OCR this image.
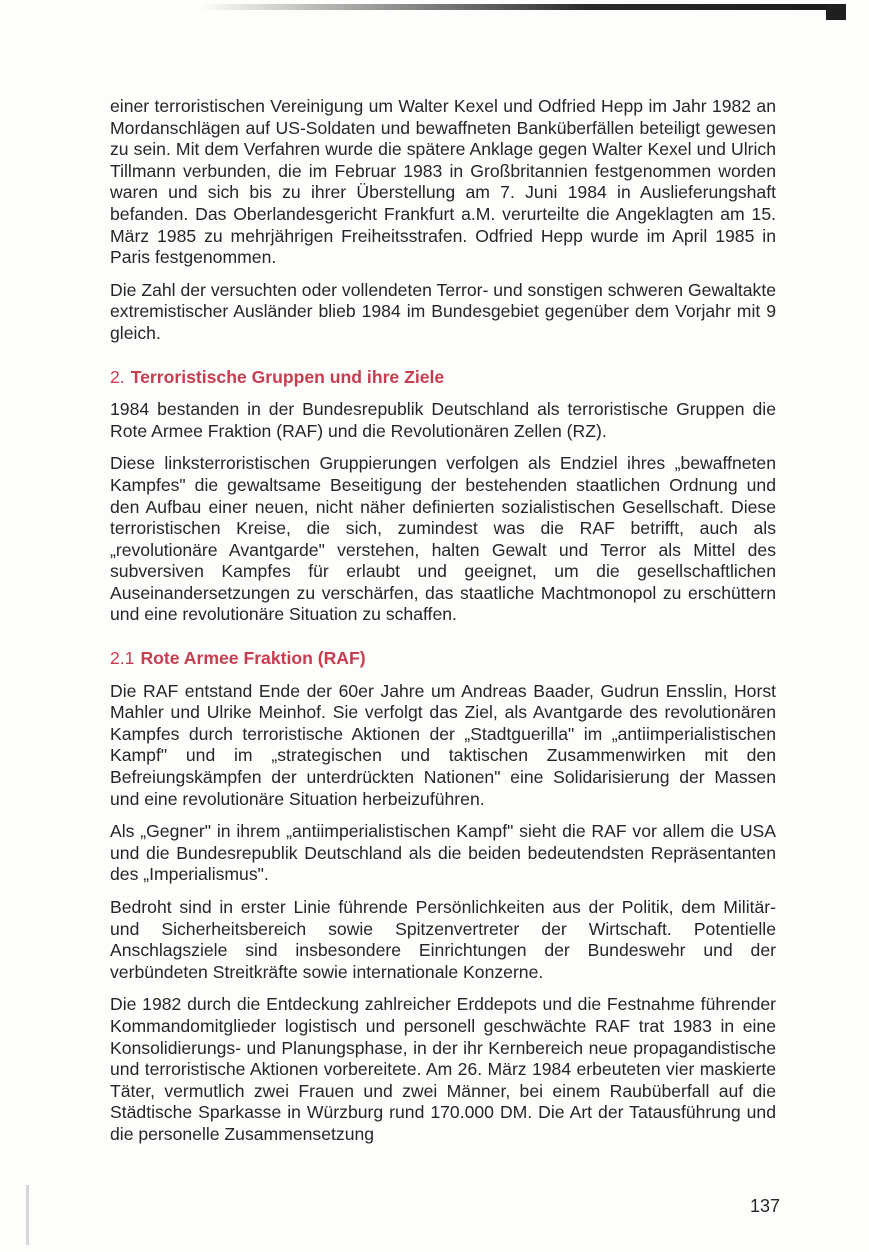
einer terroristischen Vereinigung um Walter Kexel und Odfried Hepp im Jahr 1982 an Mordanschlägen auf US-Soldaten und bewaffneten Banküberfällen beteiligt gewesen zu sein. Mit dem Verfahren wurde die spätere Anklage gegen Walter Kexel und Ulrich Tillmann verbunden, die im Februar 1983 in Großbritannien festgenommen worden waren und sich bis zu ihrer Überstellung am 7. Juni 1984 in Auslieferungshaft befanden. Das Oberlandesgericht Frankfurt a.M. verurteilte die Angeklagten am 15. März 1985 zu mehrjährigen Freiheitsstrafen. Odfried Hepp wurde im April 1985 in Paris festgenommen.

Die Zahl der versuchten oder vollendeten Terror- und sonstigen schweren Gewaltakte extremistischer Ausländer blieb 1984 im Bundesgebiet gegenüber dem Vorjahr mit 9 gleich.

2. Terroristische Gruppen und ihre Ziele

1984 bestanden in der Bundesrepublik Deutschland als terroristische Gruppen die Rote Armee Fraktion (RAF) und die Revolutionären Zellen (RZ).

Diese linksterroristischen Gruppierungen verfolgen als Endziel ihres „bewaffneten Kampfes" die gewaltsame Beseitigung der bestehenden staatlichen Ordnung und den Aufbau einer neuen, nicht näher definierten sozialistischen Gesellschaft. Diese terroristischen Kreise, die sich, zumindest was die RAF betrifft, auch als „revolutionäre Avantgarde" verstehen, halten Gewalt und Terror als Mittel des subversiven Kampfes für erlaubt und geeignet, um die gesellschaftlichen Auseinandersetzungen zu verschärfen, das staatliche Machtmonopol zu erschüttern und eine revolutionäre Situation zu schaffen.

2.1 Rote Armee Fraktion (RAF)

Die RAF entstand Ende der 60er Jahre um Andreas Baader, Gudrun Ensslin, Horst Mahler und Ulrike Meinhof. Sie verfolgt das Ziel, als Avantgarde des revolutionären Kampfes durch terroristische Aktionen der „Stadtguerilla" im „antiimperialistischen Kampf" und im „strategischen und taktischen Zusammenwirken mit den Befreiungskämpfen der unterdrückten Nationen" eine Solidarisierung der Massen und eine revolutionäre Situation herbeizuführen.

Als „Gegner" in ihrem „antiimperialistischen Kampf" sieht die RAF vor allem die USA und die Bundesrepublik Deutschland als die beiden bedeutendsten Repräsentanten des „Imperialismus".

Bedroht sind in erster Linie führende Persönlichkeiten aus der Politik, dem Militär- und Sicherheitsbereich sowie Spitzenvertreter der Wirtschaft. Potentielle Anschlagsziele sind insbesondere Einrichtungen der Bundeswehr und der verbündeten Streitkräfte sowie internationale Konzerne.

Die 1982 durch die Entdeckung zahlreicher Erddepots und die Festnahme führender Kommandomitglieder logistisch und personell geschwächte RAF trat 1983 in eine Konsolidierungs- und Planungsphase, in der ihr Kernbereich neue propagandistische und terroristische Aktionen vorbereitete. Am 26. März 1984 erbeuteten vier maskierte Täter, vermutlich zwei Frauen und zwei Männer, bei einem Raubüberfall auf die Städtische Sparkasse in Würzburg rund 170.000 DM. Die Art der Tatausführung und die personelle Zusammensetzung

137
